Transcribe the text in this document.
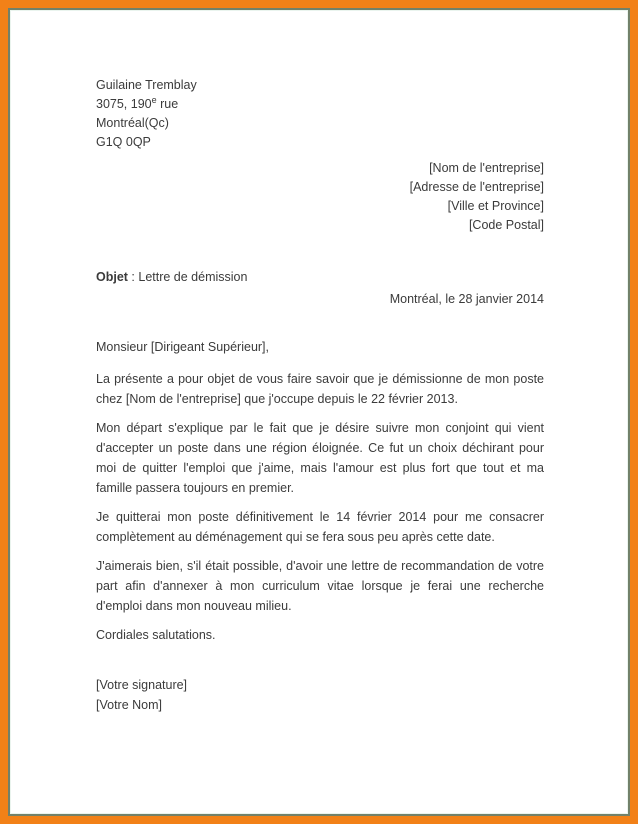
Guilaine Tremblay
3075, 190e rue
Montréal(Qc)
G1Q 0QP
[Nom de l'entreprise]
[Adresse de l'entreprise]
[Ville et Province]
[Code Postal]
Objet : Lettre de démission
Montréal, le 28 janvier 2014
Monsieur [Dirigeant Supérieur],

La présente a pour objet de vous faire savoir que je démissionne de mon poste chez [Nom de l'entreprise] que j'occupe depuis le 22 février 2013.

Mon départ s'explique par le fait que je désire suivre mon conjoint qui vient d'accepter un poste dans une région éloignée. Ce fut un choix déchirant pour moi de quitter l'emploi que j'aime, mais l'amour est plus fort que tout et ma famille passera toujours en premier.

Je quitterai mon poste définitivement le 14 février 2014 pour me consacrer complètement au déménagement qui se fera sous peu après cette date.

J'aimerais bien, s'il était possible, d'avoir une lettre de recommandation de votre part afin d'annexer à mon curriculum vitae lorsque je ferai une recherche d'emploi dans mon nouveau milieu.

Cordiales salutations.
[Votre signature]
[Votre Nom]
